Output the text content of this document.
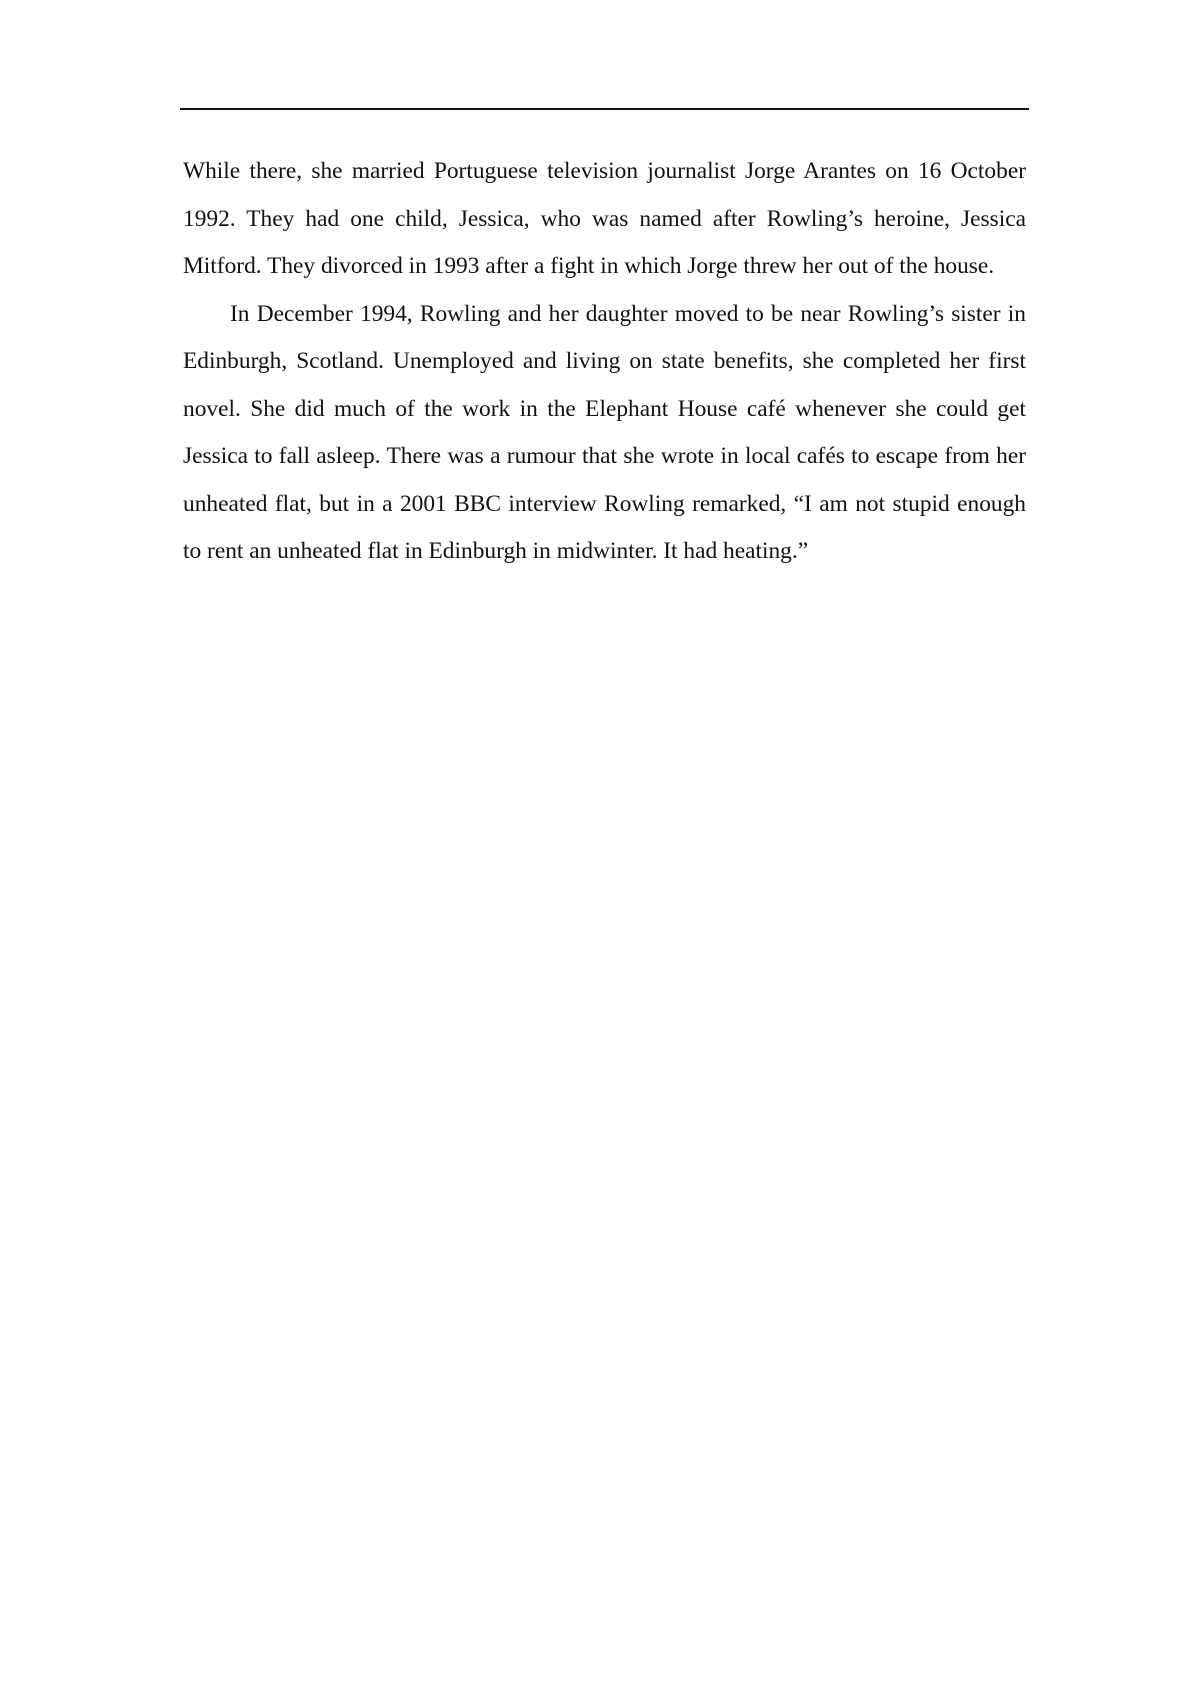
While there, she married Portuguese television journalist Jorge Arantes on 16 October 1992. They had one child, Jessica, who was named after Rowling’s heroine, Jessica Mitford. They divorced in 1993 after a fight in which Jorge threw her out of the house.

In December 1994, Rowling and her daughter moved to be near Rowling’s sister in Edinburgh, Scotland. Unemployed and living on state benefits, she completed her first novel. She did much of the work in the Elephant House café whenever she could get Jessica to fall asleep. There was a rumour that she wrote in local cafés to escape from her unheated flat, but in a 2001 BBC interview Rowling remarked, “I am not stupid enough to rent an unheated flat in Edinburgh in midwinter. It had heating.”
